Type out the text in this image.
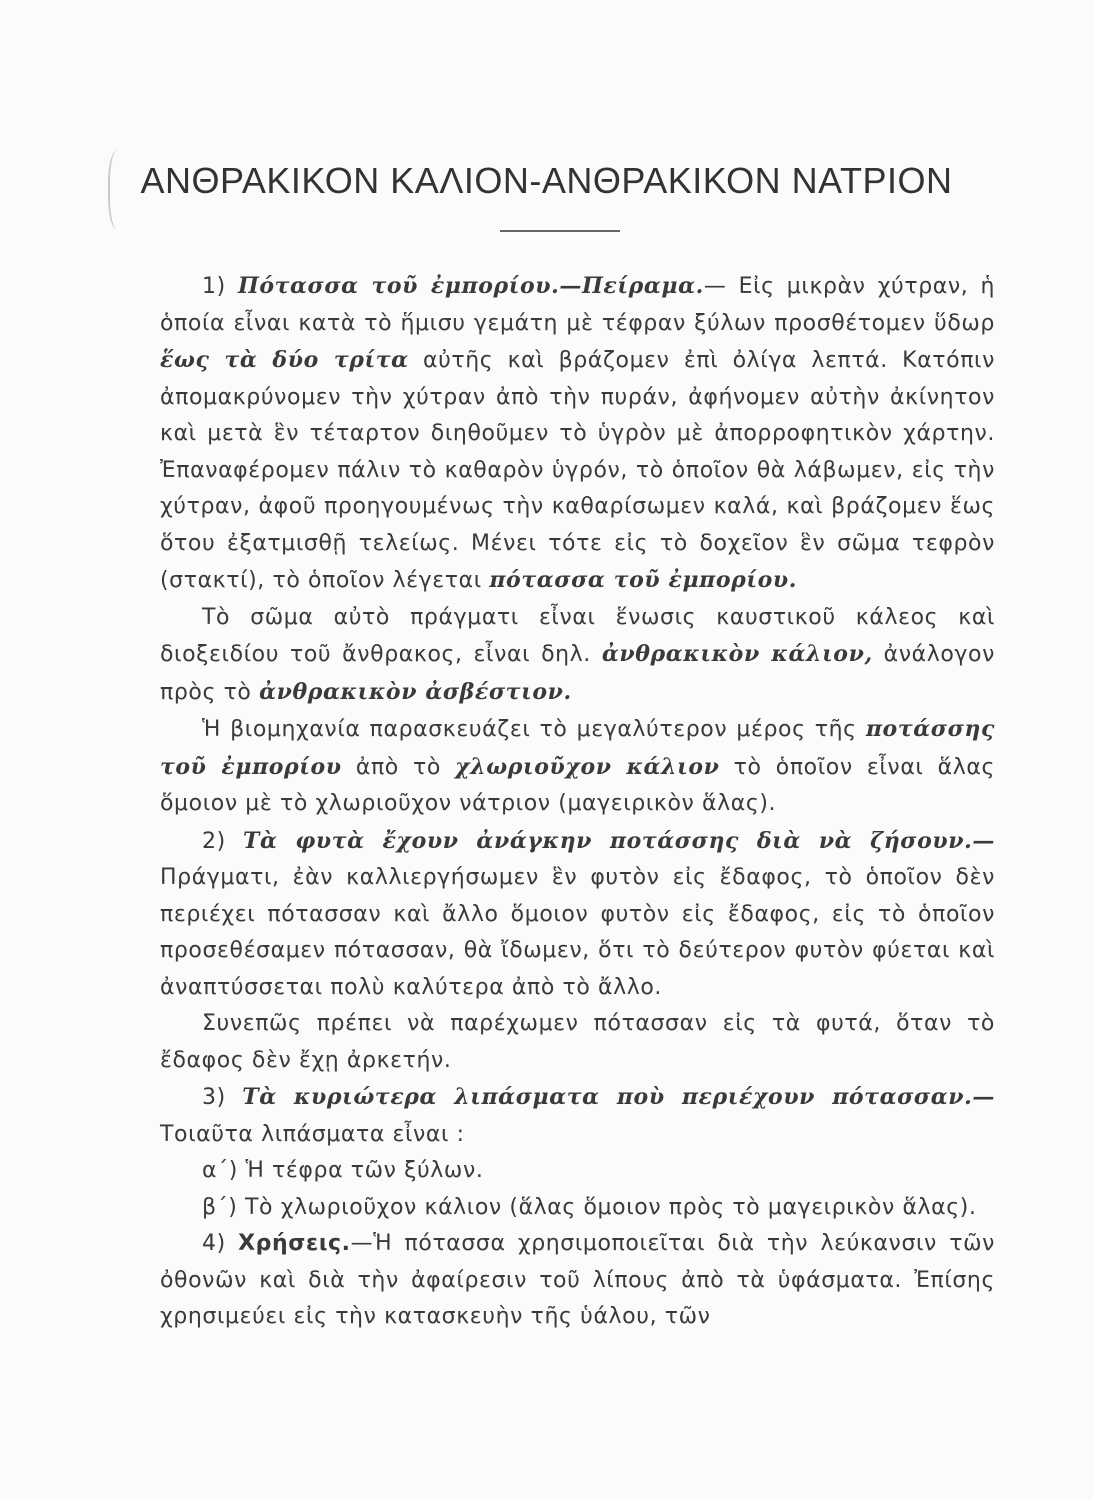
ΑΝΘΡΑΚΙΚΟΝ ΚΑΛΙΟΝ-ΑΝΘΡΑΚΙΚΟΝ ΝΑΤΡΙΟΝ

1) Πότασσα τοῦ ἐμπορίου.—Πείραμα.— Εἰς μικρὰν χύτραν, ἡ ὁποία εἶναι κατὰ τὸ ἥμισυ γεμάτη μὲ τέφραν ξύλων προσθέτομεν ὕδωρ ἕως τὰ δύο τρίτα αὐτῆς καὶ βράζομεν ἐπὶ ὀλίγα λεπτά. Κατόπιν ἀπομακρύνομεν τὴν χύτραν ἀπὸ τὴν πυράν, ἀφήνομεν αὐτὴν ἀκίνητον καὶ μετὰ ἓν τέταρτον διηθοῦμεν τὸ ὑγρὸν μὲ ἀπορροφητικὸν χάρτην. Ἐπαναφέρομεν πάλιν τὸ καθαρὸν ὑγρόν, τὸ ὁποῖον θὰ λάβωμεν, εἰς τὴν χύτραν, ἀφοῦ προηγουμένως τὴν καθαρίσωμεν καλά, καὶ βράζομεν ἕως ὅτου ἐξατμισθῇ τελείως. Μένει τότε εἰς τὸ δοχεῖον ἓν σῶμα τεφρὸν (στακτί), τὸ ὁποῖον λέγεται πότασσα τοῦ ἐμπορίου.

Τὸ σῶμα αὐτὸ πράγματι εἶναι ἕνωσις καυστικοῦ κάλεος καὶ διοξειδίου τοῦ ἄνθρακος, εἶναι δηλ. ἀνθρακικὸν κάλιον, ἀνάλογον πρὸς τὸ ἀνθρακικὸν ἀσβέστιον.

Ἡ βιομηχανία παρασκευάζει τὸ μεγαλύτερον μέρος τῆς ποτάσσης τοῦ ἐμπορίου ἀπὸ τὸ χλωριοῦχον κάλιον τὸ ὁποῖον εἶναι ἅλας ὅμοιον μὲ τὸ χλωριοῦχον νάτριον (μαγειρικὸν ἅλας).

2) Τὰ φυτὰ ἔχουν ἀνάγκην ποτάσσης διὰ νὰ ζήσουν.— Πράγματι, ἐὰν καλλιεργήσωμεν ἓν φυτὸν εἰς ἔδαφος, τὸ ὁποῖον δὲν περιέχει πότασσαν καὶ ἄλλο ὅμοιον φυτὸν εἰς ἔδαφος, εἰς τὸ ὁποῖον προσεθέσαμεν πότασσαν, θὰ ἴδωμεν, ὅτι τὸ δεύτερον φυτὸν φύεται καὶ ἀναπτύσσεται πολὺ καλύτερα ἀπὸ τὸ ἄλλο.

Συνεπῶς πρέπει νὰ παρέχωμεν πότασσαν εἰς τὰ φυτά, ὅταν τὸ ἔδαφος δὲν ἔχῃ ἀρκετήν.

3) Τὰ κυριώτερα λιπάσματα ποὺ περιέχουν πότασσαν.— Τοιαῦτα λιπάσματα εἶναι :

α΄) Ἡ τέφρα τῶν ξύλων.

β΄) Τὸ χλωριοῦχον κάλιον (ἅλας ὅμοιον πρὸς τὸ μαγειρικὸν ἅλας).

4) Χρήσεις.—Ἡ πότασσα χρησιμοποιεῖται διὰ τὴν λεύκανσιν τῶν ὀθονῶν καὶ διὰ τὴν ἀφαίρεσιν τοῦ λίπους ἀπὸ τὰ ὑφάσματα. Ἐπίσης χρησιμεύει εἰς τὴν κατασκευὴν τῆς ὑάλου, τῶν
